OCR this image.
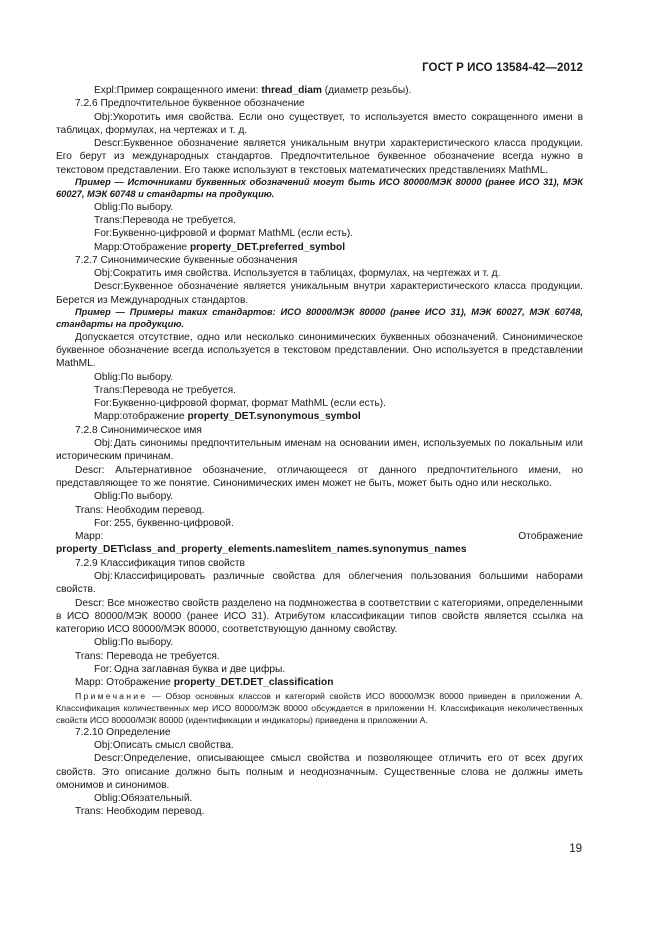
ГОСТ Р ИСО 13584-42—2012
Expl:Пример сокращенного имени: thread_diam (диаметр резьбы).
7.2.6 Предпочтительное буквенное обозначение
Obj:Укоротить имя свойства. Если оно существует, то используется вместо сокращенного имени в таблицах, формулах, на чертежах и т. д.
Descr:Буквенное обозначение является уникальным внутри характеристического класса продукции. Его берут из международных стандартов. Предпочтительное буквенное обозначение всегда нужно в текстовом представлении. Его также используют в текстовых математических представлениях MathML.
Пример — Источниками буквенных обозначений могут быть ИСО 80000/МЭК 80000 (ранее ИСО 31), МЭК 60027, МЭК 60748 и стандарты на продукцию.
Oblig:По выбору.
Trans:Перевода не требуется.
For:Буквенно-цифровой и формат MathML (если есть).
Mapp:Отображение property_DET.preferred_symbol
7.2.7 Синонимические буквенные обозначения
Obj:Сократить имя свойства. Используется в таблицах, формулах, на чертежах и т. д.
Descr:Буквенное обозначение является уникальным внутри характеристического класса продукции. Берется из Международных стандартов.
Пример — Примеры таких стандартов: ИСО 80000/МЭК 80000 (ранее ИСО 31), МЭК 60027, МЭК 60748, стандарты на продукцию.
Допускается отсутствие, одно или несколько синонимических буквенных обозначений. Синонимическое буквенное обозначение всегда используется в текстовом представлении. Оно используется в представлении MathML.
Oblig:По выбору.
Trans:Перевода не требуется.
For:Буквенно-цифровой формат, формат MathML (если есть).
Mapp:отображение property_DET.synonymous_symbol
7.2.8 Синонимическое имя
Obj:Дать синонимы предпочтительным именам на основании имен, используемых по локальным или историческим причинам.
Descr: Альтернативное обозначение, отличающееся от данного предпочтительного имени, но представляющее то же понятие. Синонимических имен может не быть, может быть одно или несколько.
Oblig:По выбору.
Trans: Необходим перевод.
For: 255, буквенно-цифровой.
Mapp:	Отображение property_DET\class_and_property_elements.names\item_names.synonymus_names
7.2.9 Классификация типов свойств
Obj:Классифицировать различные свойства для облегчения пользования большими наборами свойств.
Descr: Все множество свойств разделено на подмножества в соответствии с категориями, определенными в ИСО 80000/МЭК 80000 (ранее ИСО 31). Атрибутом классификации типов свойств является ссылка на категорию ИСО 80000/МЭК 80000, соответствующую данному свойству.
Oblig:По выбору.
Trans: Перевода не требуется.
For: Одна заглавная буква и две цифры.
Mapp: Отображение property_DET.DET_classification
Примечание — Обзор основных классов и категорий свойств ИСО 80000/МЭК 80000 приведен в приложении А. Классификация количественных мер ИСО 80000/МЭК 80000 обсуждается в приложении Н. Классификация неколичественных свойств ИСО 80000/МЭК 80000 (идентификации и индикаторы) приведена в приложении А.
7.2.10 Определение
Obj:Описать смысл свойства.
Descr:Определение, описывающее смысл свойства и позволяющее отличить его от всех других свойств. Это описание должно быть полным и неоднозначным. Существенные слова не должны иметь омонимов и синонимов.
Oblig:Обязательный.
Trans: Необходим перевод.
19
